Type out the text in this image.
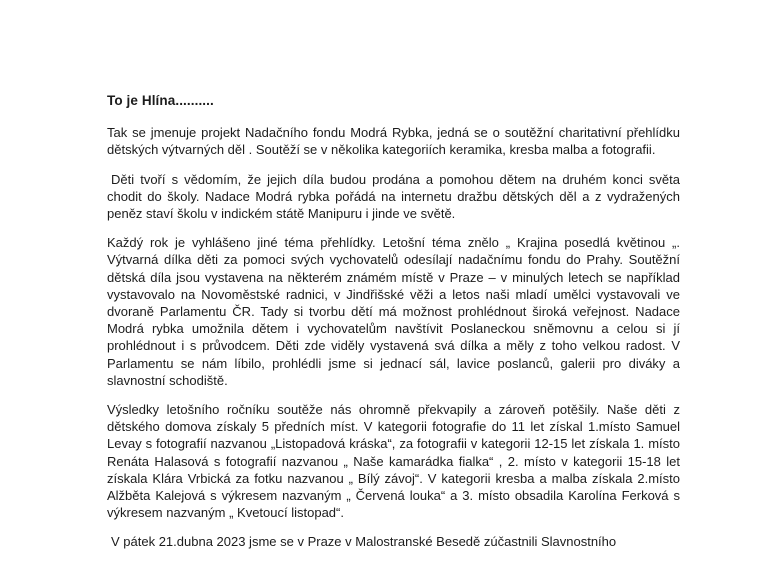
To je Hlína..........

Tak se jmenuje projekt Nadačního fondu Modrá Rybka, jedná se o soutěžní charitativní přehlídku dětských výtvarných děl . Soutěží se v několika kategoriích keramika, kresba malba a fotografii.

Děti tvoří s vědomím, že jejich díla budou prodána a pomohou dětem na druhém konci světa chodit do školy. Nadace Modrá rybka pořádá na internetu dražbu dětských děl a z vydražených peněz staví školu v indickém státě Manipuru i jinde ve světě.

Každý rok je vyhlášeno jiné téma přehlídky. Letošní téma znělo „ Krajina posedlá květinou „. Výtvarná dílka děti za pomoci svých vychovatelů odesílají nadačnímu fondu do Prahy. Soutěžní dětská díla jsou vystavena na některém známém místě v Praze – v minulých letech se například vystavovalo na Novoměstské radnici, v Jindřišské věži a letos naši mladí umělci vystavovali ve dvoraně Parlamentu ČR. Tady si tvorbu dětí má možnost prohlédnout široká veřejnost. Nadace Modrá rybka umožnila dětem i vychovatelům navštívit Poslaneckou sněmovnu a celou si jí prohlédnout i s průvodcem. Děti zde viděly vystavená svá dílka a měly z toho velkou radost. V Parlamentu se nám líbilo, prohlédli jsme si jednací sál, lavice poslanců, galerii pro diváky a slavnostní schodiště.

Výsledky letošního ročníku soutěže nás ohromně překvapily a zároveň potěšily. Naše děti z dětského domova získaly 5 předních míst. V kategorii fotografie do 11 let získal 1.místo Samuel Levay s fotografií nazvanou „Listopadová kráska“, za fotografii v kategorii 12-15 let získala 1. místo Renáta Halasová s fotografií nazvanou „ Naše kamarádka fialka“ , 2. místo v kategorii 15-18 let získala Klára Vrbická za fotku nazvanou „ Bílý závoj“. V kategorii kresba a malba získala 2.místo Alžběta Kalejová s výkresem nazvaným „ Červená louka“ a 3. místo obsadila Karolína Ferková s výkresem nazvaným „ Kvetoucí listopad“.

V pátek 21.dubna 2023 jsme se v Praze v Malostranské Besedě zúčastnili Slavnostního
